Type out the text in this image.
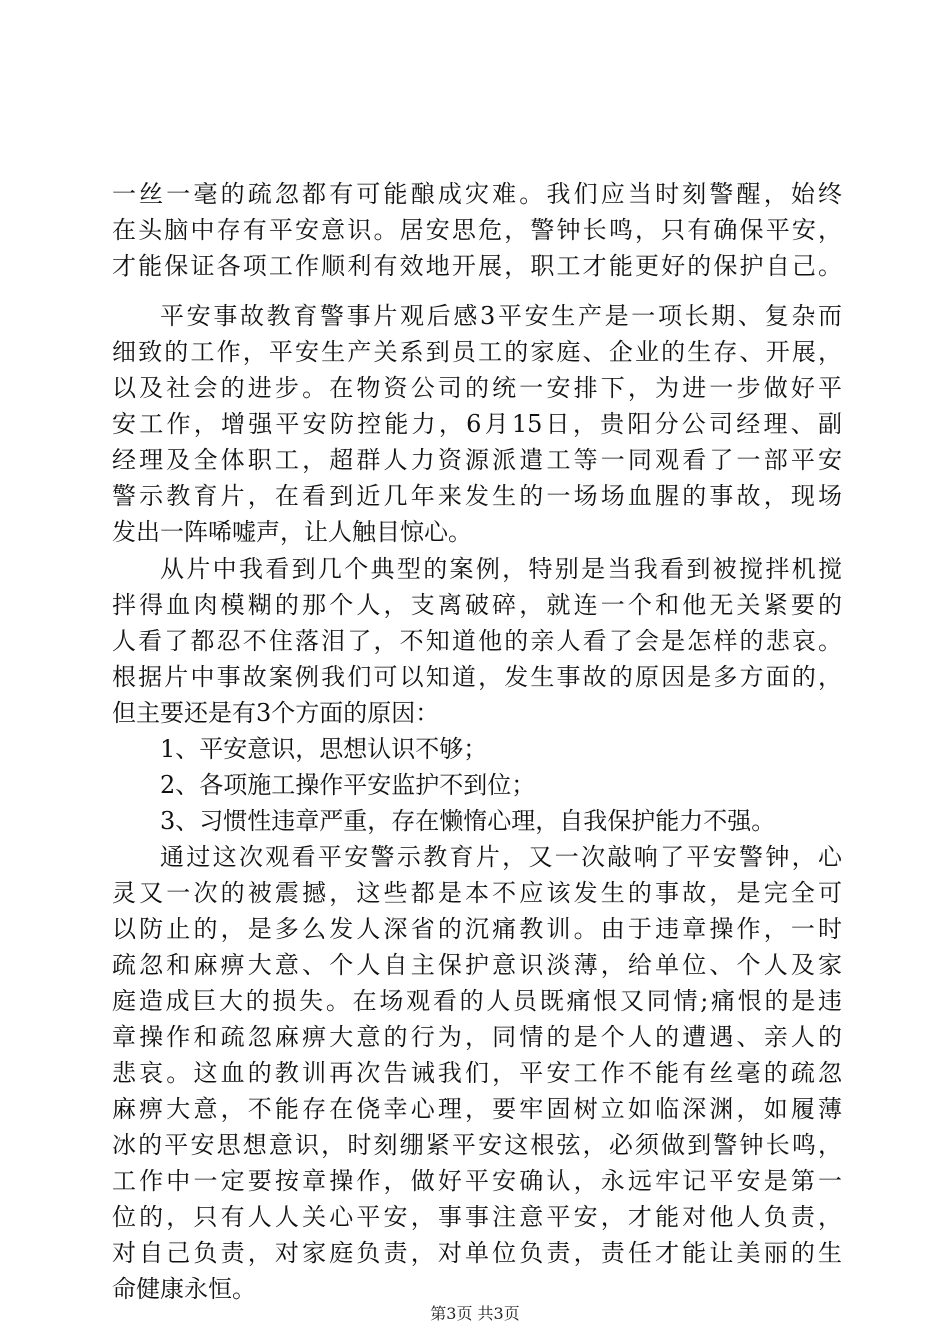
一丝一毫的疏忽都有可能酿成灾难。我们应当时刻警醒，始终
在头脑中存有平安意识。居安思危，警钟长鸣，只有确保平安，
才能保证各项工作顺利有效地开展，职工才能更好的保护自己。
平安事故教育警事片观后感3平安生产是一项长期、复杂而
细致的工作，平安生产关系到员工的家庭、企业的生存、开展，
以及社会的进步。在物资公司的统一安排下，为进一步做好平
安工作，增强平安防控能力，6月15日，贵阳分公司经理、副
经理及全体职工，超群人力资源派遣工等一同观看了一部平安
警示教育片，在看到近几年来发生的一场场血腥的事故，现场
发出一阵唏嘘声，让人触目惊心。
从片中我看到几个典型的案例，特别是当我看到被搅拌机搅
拌得血肉模糊的那个人，支离破碎，就连一个和他无关紧要的
人看了都忍不住落泪了，不知道他的亲人看了会是怎样的悲哀。
根据片中事故案例我们可以知道，发生事故的原因是多方面的，
但主要还是有3个方面的原因：
1、平安意识，思想认识不够；
2、各项施工操作平安监护不到位；
3、习惯性违章严重，存在懒惰心理，自我保护能力不强。
通过这次观看平安警示教育片，又一次敲响了平安警钟，心
灵又一次的被震撼，这些都是本不应该发生的事故，是完全可
以防止的，是多么发人深省的沉痛教训。由于违章操作，一时
疏忽和麻痹大意、个人自主保护意识淡薄，给单位、个人及家
庭造成巨大的损失。在场观看的人员既痛恨又同情;痛恨的是违
章操作和疏忽麻痹大意的行为，同情的是个人的遭遇、亲人的
悲哀。这血的教训再次告诫我们，平安工作不能有丝毫的疏忽
麻痹大意，不能存在侥幸心理，要牢固树立如临深渊，如履薄
冰的平安思想意识，时刻绷紧平安这根弦，必须做到警钟长鸣，
工作中一定要按章操作，做好平安确认，永远牢记平安是第一
位的，只有人人关心平安，事事注意平安，才能对他人负责，
对自己负责，对家庭负责，对单位负责，责任才能让美丽的生
命健康永恒。
第3页 共3页
